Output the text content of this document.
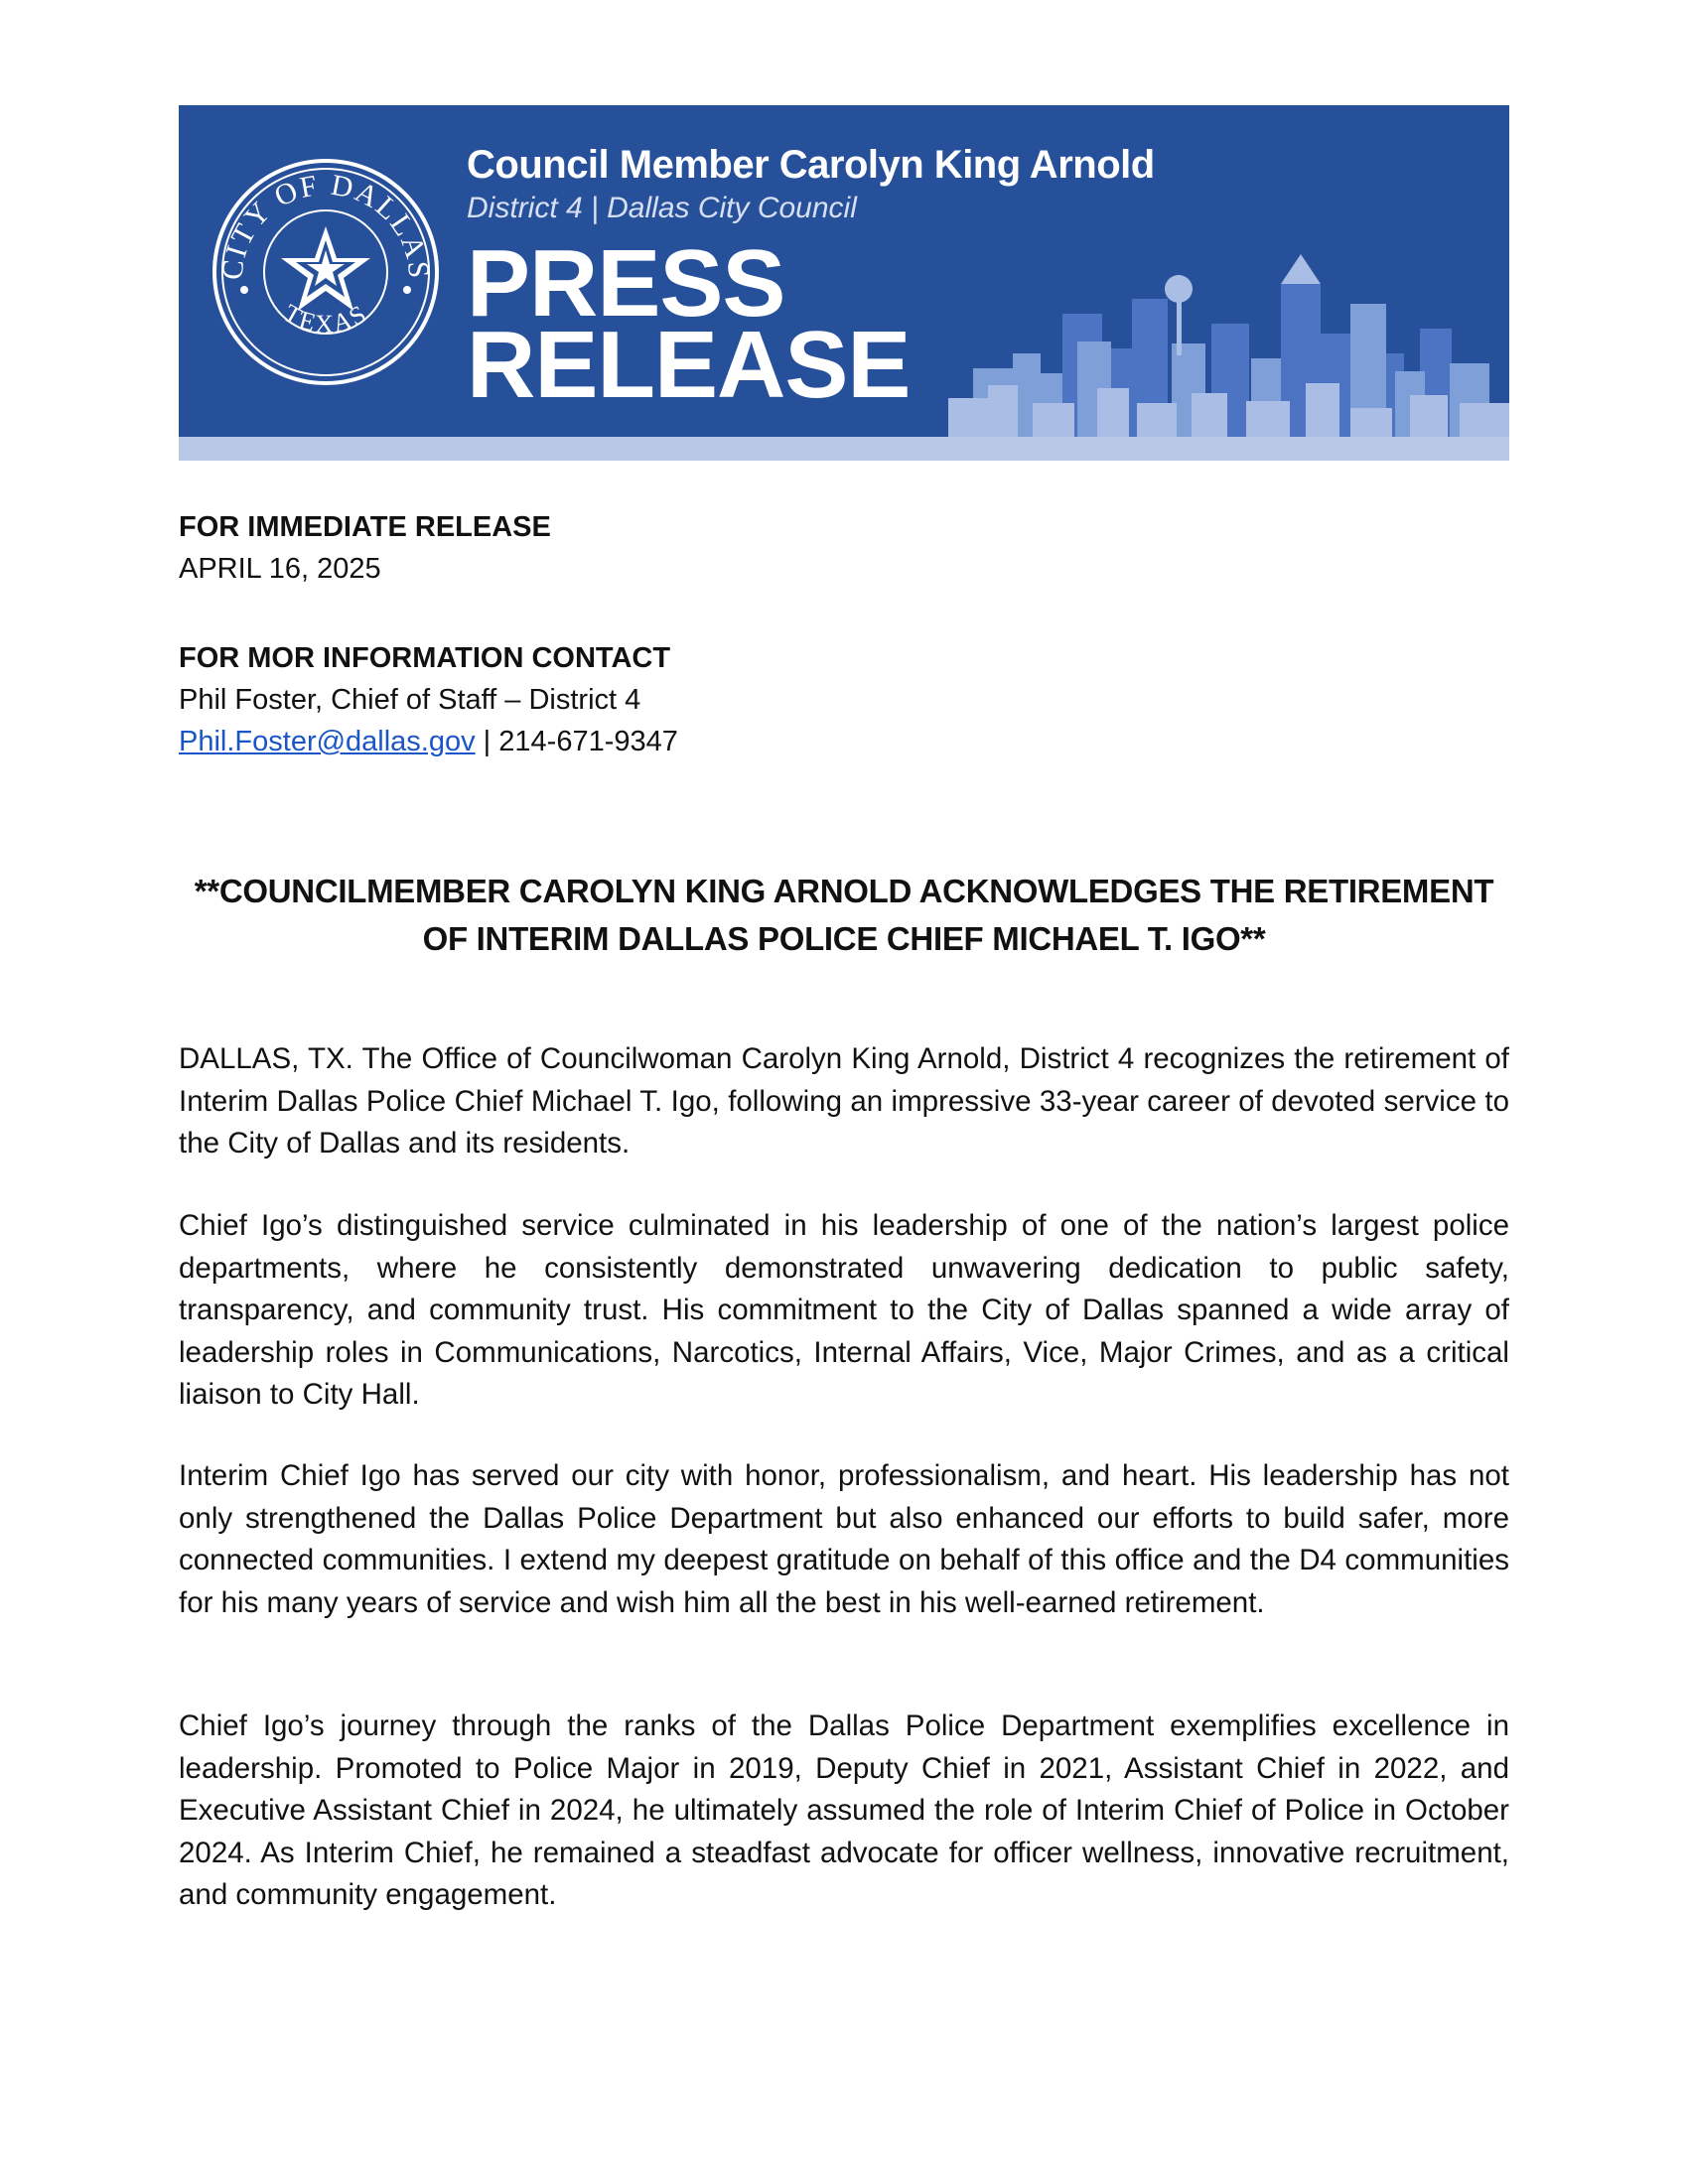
CITY OF DALLAS
TEXAS
Council Member Carolyn King Arnold
District 4 | Dallas City Council
PRESS
RELEASE
FOR IMMEDIATE RELEASE
APRIL 16, 2025
FOR MOR INFORMATION CONTACT
Phil Foster, Chief of Staff – District 4
Phil.Foster@dallas.gov | 214-671-9347
**COUNCILMEMBER CAROLYN KING ARNOLD ACKNOWLEDGES THE RETIREMENT
OF INTERIM DALLAS POLICE CHIEF MICHAEL T. IGO**
DALLAS, TX. The Office of Councilwoman Carolyn King Arnold, District 4 recognizes the retirement of Interim Dallas Police Chief Michael T. Igo, following an impressive 33-year career of devoted service to the City of Dallas and its residents.
Chief Igo’s distinguished service culminated in his leadership of one of the nation’s largest police departments, where he consistently demonstrated unwavering dedication to public safety, transparency, and community trust. His commitment to the City of Dallas spanned a wide array of leadership roles in Communications, Narcotics, Internal Affairs, Vice, Major Crimes, and as a critical liaison to City Hall.
Interim Chief Igo has served our city with honor, professionalism, and heart. His leadership has not only strengthened the Dallas Police Department but also enhanced our efforts to build safer, more connected communities. I extend my deepest gratitude on behalf of this office and the D4 communities for his many years of service and wish him all the best in his well-earned retirement.
Chief Igo’s journey through the ranks of the Dallas Police Department exemplifies excellence in leadership. Promoted to Police Major in 2019, Deputy Chief in 2021, Assistant Chief in 2022, and Executive Assistant Chief in 2024, he ultimately assumed the role of Interim Chief of Police in October 2024. As Interim Chief, he remained a steadfast advocate for officer wellness, innovative recruitment, and community engagement.
